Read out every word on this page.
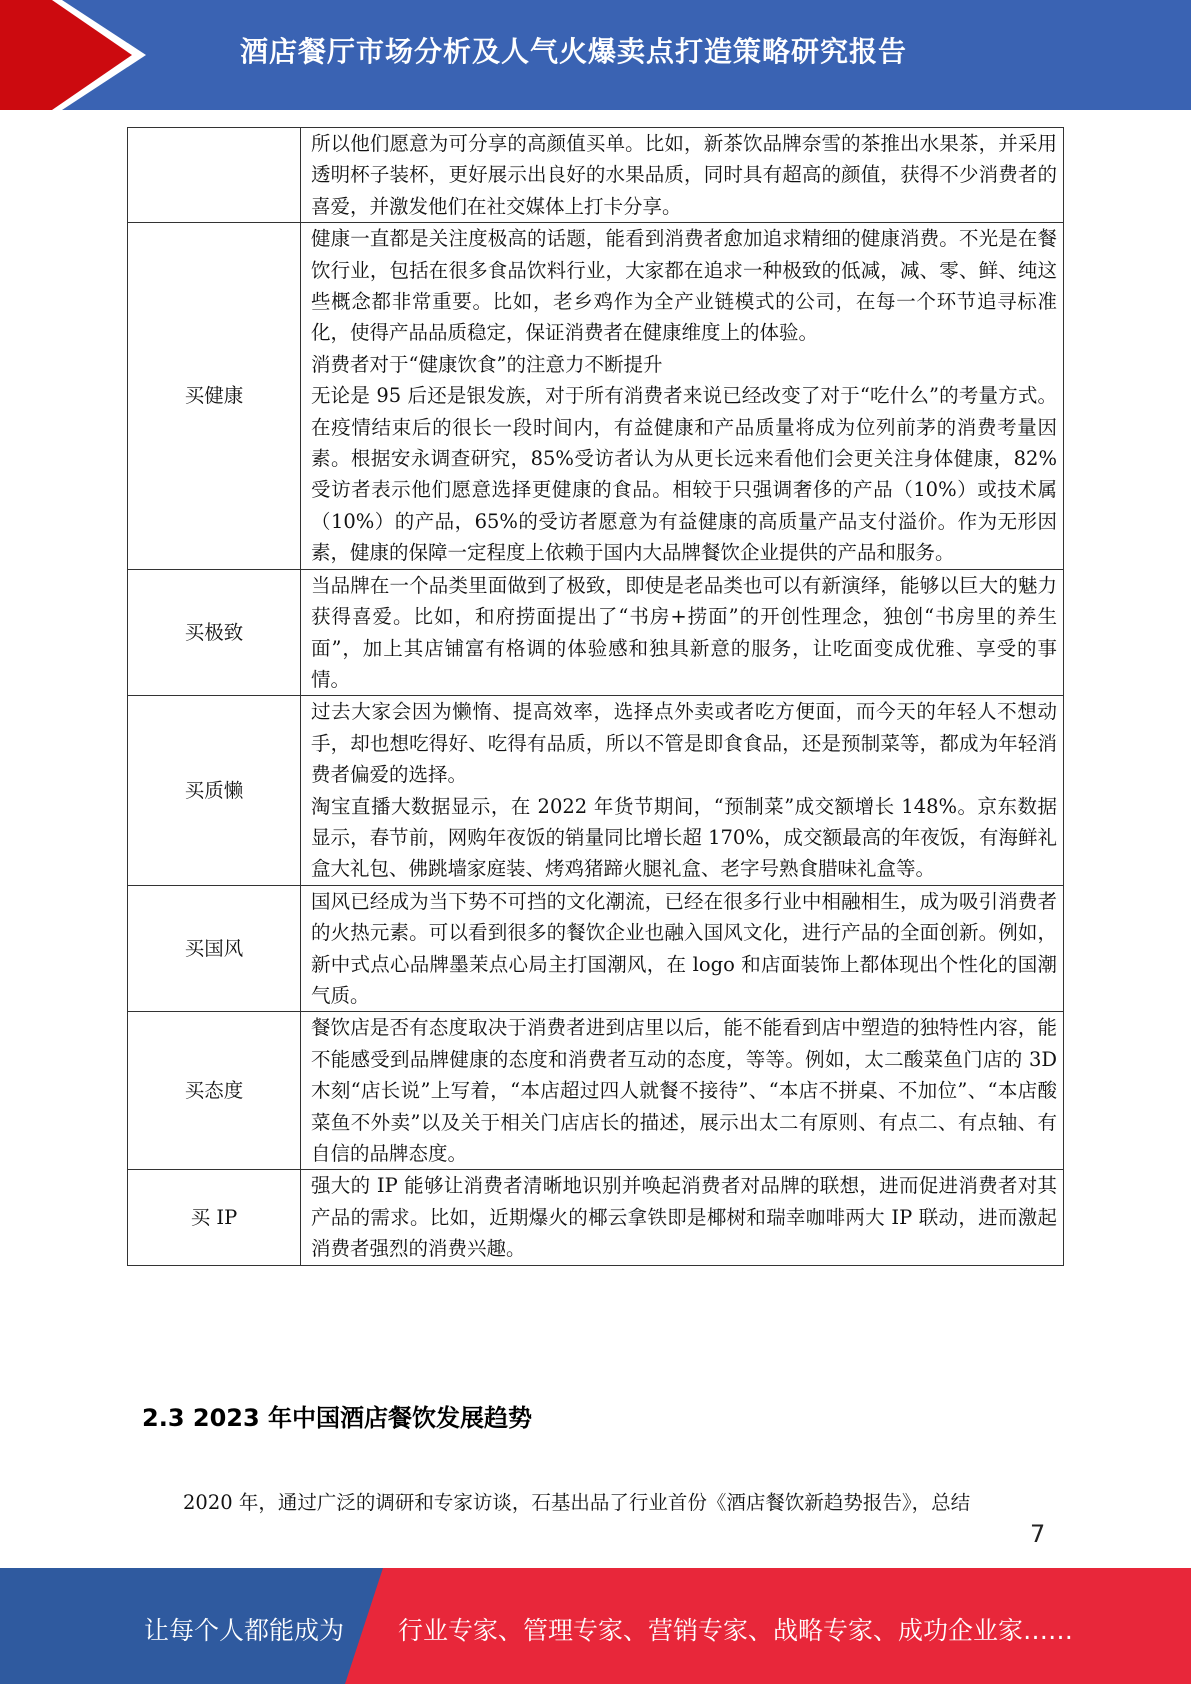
酒店餐厅市场分析及人气火爆卖点打造策略研究报告

	所以他们愿意为可分享的高颜值买单。比如，新茶饮品牌奈雪的茶推出水果茶，并采用透明杯子装杯，更好展示出良好的水果品质，同时具有超高的颜值，获得不少消费者的喜爱，并激发他们在社交媒体上打卡分享。

买健康	健康一直都是关注度极高的话题，能看到消费者愈加追求精细的健康消费。不光是在餐饮行业，包括在很多食品饮料行业，大家都在追求一种极致的低减，减、零、鲜、纯这些概念都非常重要。比如，老乡鸡作为全产业链模式的公司，在每一个环节追寻标准化，使得产品品质稳定，保证消费者在健康维度上的体验。

消费者对于“健康饮食”的注意力不断提升

无论是 95 后还是银发族，对于所有消费者来说已经改变了对于“吃什么”的考量方式。在疫情结束后的很长一段时间内，有益健康和产品质量将成为位列前茅的消费考量因素。根据安永调查研究，85%受访者认为从更长远来看他们会更关注身体健康，82%受访者表示他们愿意选择更健康的食品。相较于只强调奢侈的产品（10%）或技术属（10%）的产品，65%的受访者愿意为有益健康的高质量产品支付溢价。作为无形因素，健康的保障一定程度上依赖于国内大品牌餐饮企业提供的产品和服务。

买极致	当品牌在一个品类里面做到了极致，即使是老品类也可以有新演绎，能够以巨大的魅力获得喜爱。比如，和府捞面提出了“书房+捞面”的开创性理念，独创“书房里的养生面”，加上其店铺富有格调的体验感和独具新意的服务，让吃面变成优雅、享受的事情。

买质懒	过去大家会因为懒惰、提高效率，选择点外卖或者吃方便面，而今天的年轻人不想动手，却也想吃得好、吃得有品质，所以不管是即食食品，还是预制菜等，都成为年轻消费者偏爱的选择。

淘宝直播大数据显示，在 2022 年货节期间，“预制菜”成交额增长 148%。京东数据显示，春节前，网购年夜饭的销量同比增长超 170%，成交额最高的年夜饭，有海鲜礼盒大礼包、佛跳墙家庭装、烤鸡猪蹄火腿礼盒、老字号熟食腊味礼盒等。

买国风	国风已经成为当下势不可挡的文化潮流，已经在很多行业中相融相生，成为吸引消费者的火热元素。可以看到很多的餐饮企业也融入国风文化，进行产品的全面创新。例如，新中式点心品牌墨茉点心局主打国潮风，在 logo 和店面装饰上都体现出个性化的国潮气质。

买态度	餐饮店是否有态度取决于消费者进到店里以后，能不能看到店中塑造的独特性内容，能不能感受到品牌健康的态度和消费者互动的态度，等等。例如，太二酸菜鱼门店的 3D 木刻“店长说”上写着，“本店超过四人就餐不接待”、“本店不拼桌、不加位”、“本店酸菜鱼不外卖”以及关于相关门店店长的描述，展示出太二有原则、有点二、有点轴、有自信的品牌态度。

买 IP	强大的 IP 能够让消费者清晰地识别并唤起消费者对品牌的联想，进而促进消费者对其产品的需求。比如，近期爆火的椰云拿铁即是椰树和瑞幸咖啡两大 IP 联动，进而激起消费者强烈的消费兴趣。

2.3 2023 年中国酒店餐饮发展趋势

2020 年，通过广泛的调研和专家访谈，石基出品了行业首份《酒店餐饮新趋势报告》，总结

7
让每个人都能成为 行业专家、管理专家、营销专家、战略专家、成功企业家……
